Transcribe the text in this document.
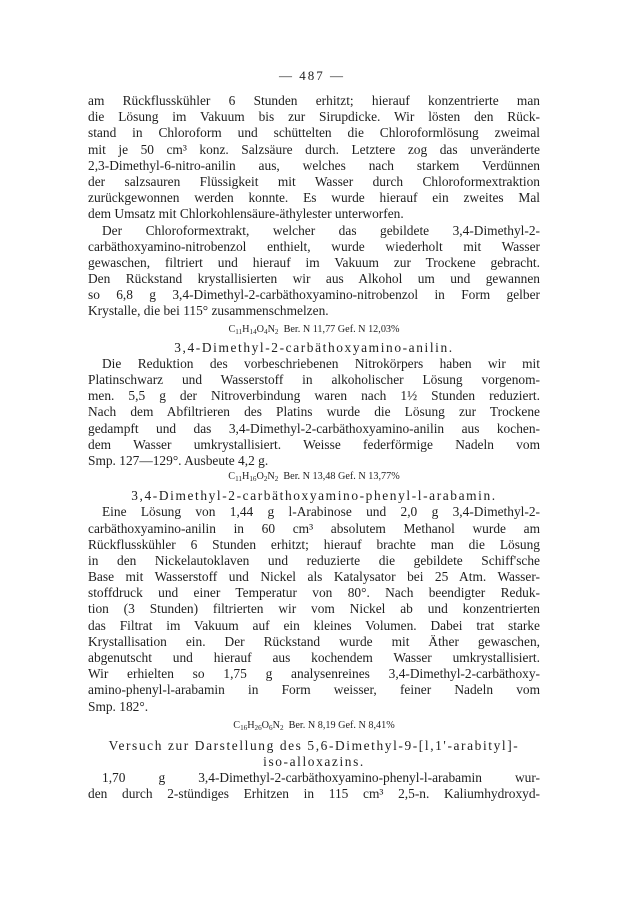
— 487 —
am Rückflusskühler 6 Stunden erhitzt; hierauf konzentrierte man
die Lösung im Vakuum bis zur Sirupdicke. Wir lösten den Rück-
stand in Chloroform und schüttelten die Chloroformlösung zweimal
mit je 50 cm³ konz. Salzsäure durch. Letztere zog das unveränderte
2,3-Dimethyl-6-nitro-anilin aus, welches nach starkem Verdünnen
der salzsauren Flüssigkeit mit Wasser durch Chloroformextraktion
zurückgewonnen werden konnte. Es wurde hierauf ein zweites Mal
dem Umsatz mit Chlorkohlensäure-äthylester unterworfen.
Der Chloroformextrakt, welcher das gebildete 3,4-Dimethyl-2-
carbäthoxyamino-nitrobenzol enthielt, wurde wiederholt mit Wasser
gewaschen, filtriert und hierauf im Vakuum zur Trockene gebracht.
Den Rückstand krystallisierten wir aus Alkohol um und gewannen
so 6,8 g 3,4-Dimethyl-2-carbäthoxyamino-nitrobenzol in Form gelber
Krystalle, die bei 115° zusammenschmelzen.
$C_{11}H_{14}O_4N_2$ Ber. N 11,77 Gef. N 12,03%
3,4-Dimethyl-2-carbäthoxyamino-anilin.
Die Reduktion des vorbeschriebenen Nitrokörpers haben wir mit
Platinschwarz und Wasserstoff in alkoholischer Lösung vorgenom-
men. 5,5 g der Nitroverbindung waren nach 1½ Stunden reduziert.
Nach dem Abfiltrieren des Platins wurde die Lösung zur Trockene
gedampft und das 3,4-Dimethyl-2-carbäthoxyamino-anilin aus kochen-
dem Wasser umkrystallisiert. Weisse federförmige Nadeln vom
Smp. 127—129°. Ausbeute 4,2 g.
$C_{11}H_{16}O_2N_2$ Ber. N 13,48 Gef. N 13,77%
3,4-Dimethyl-2-carbäthoxyamino-phenyl-l-arabamin.
Eine Lösung von 1,44 g l-Arabinose und 2,0 g 3,4-Dimethyl-2-
carbäthoxyamino-anilin in 60 cm³ absolutem Methanol wurde am
Rückflusskühler 6 Stunden erhitzt; hierauf brachte man die Lösung
in den Nickelautoklaven und reduzierte die gebildete Schiff'sche
Base mit Wasserstoff und Nickel als Katalysator bei 25 Atm. Wasser-
stoffdruck und einer Temperatur von 80°. Nach beendigter Reduk-
tion (3 Stunden) filtrierten wir vom Nickel ab und konzentrierten
das Filtrat im Vakuum auf ein kleines Volumen. Dabei trat starke
Krystallisation ein. Der Rückstand wurde mit Äther gewaschen,
abgenutscht und hierauf aus kochendem Wasser umkrystallisiert.
Wir erhielten so 1,75 g analysenreines 3,4-Dimethyl-2-carbäthoxy-
amino-phenyl-l-arabamin in Form weisser, feiner Nadeln vom
Smp. 182°.
$C_{16}H_{26}O_6N_2$ Ber. N 8,19 Gef. N 8,41%
Versuch zur Darstellung des 5,6-Dimethyl-9-[l,1'-arabityl]-
iso-alloxazins.
1,70 g 3,4-Dimethyl-2-carbäthoxyamino-phenyl-l-arabamin wur-
den durch 2-stündiges Erhitzen in 115 cm³ 2,5-n. Kaliumhydroxyd-
